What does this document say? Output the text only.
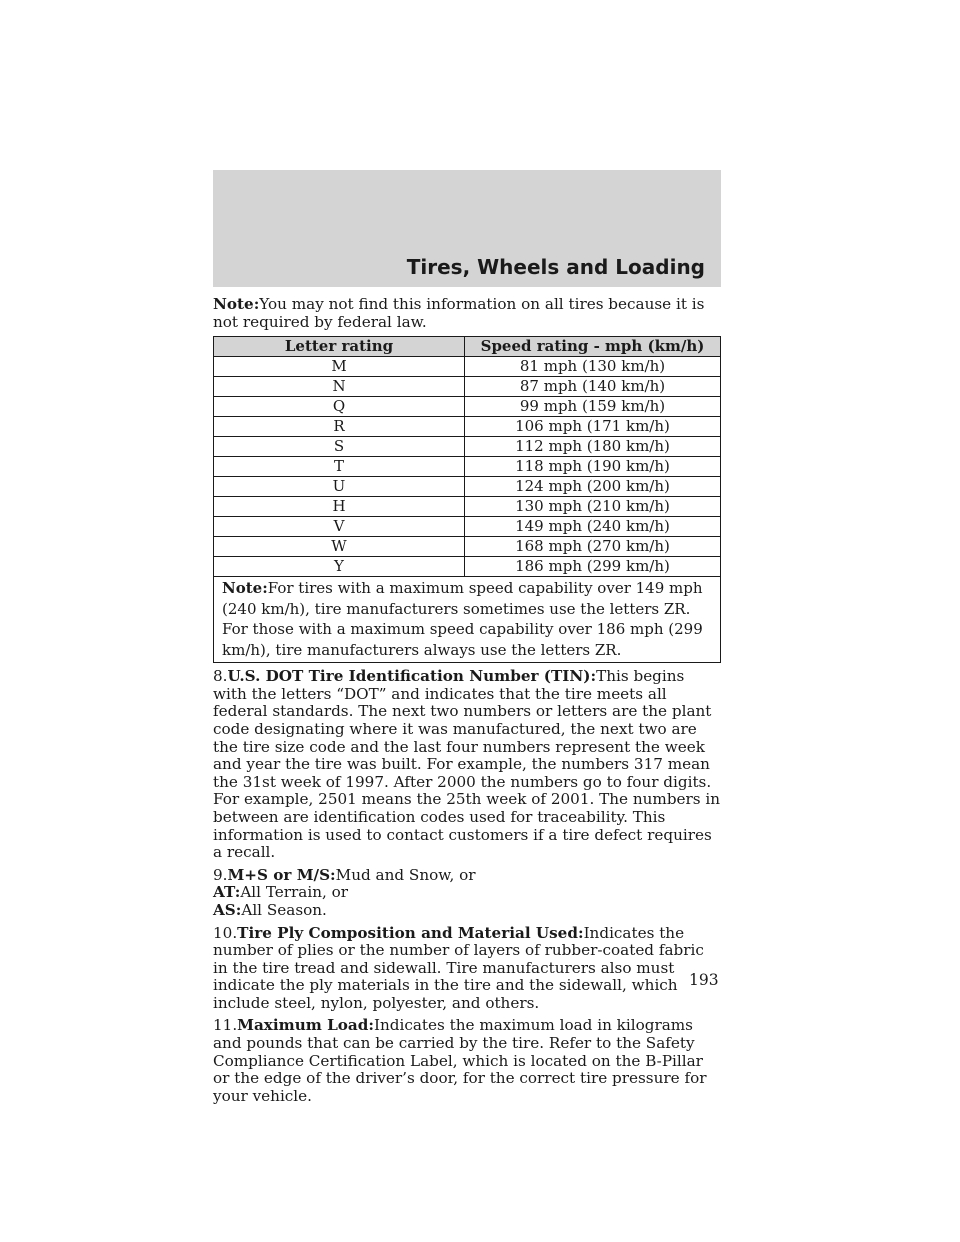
Tires, Wheels and Loading

Note:You may not find this information on all tires because it is not required by federal law.

Letter rating	Speed rating - mph (km/h)
M	81 mph (130 km/h)
N	87 mph (140 km/h)
Q	99 mph (159 km/h)
R	106 mph (171 km/h)
S	112 mph (180 km/h)
T	118 mph (190 km/h)
U	124 mph (200 km/h)
H	130 mph (210 km/h)
V	149 mph (240 km/h)
W	168 mph (270 km/h)
Y	186 mph (299 km/h)
Note:For tires with a maximum speed capability over 149 mph (240 km/h), tire manufacturers sometimes use the letters ZR. For those with a maximum speed capability over 186 mph (299 km/h), tire manufacturers always use the letters ZR.	

8.U.S. DOT Tire Identification Number (TIN):This begins with the letters “DOT” and indicates that the tire meets all federal standards. The next two numbers or letters are the plant code designating where it was manufactured, the next two are the tire size code and the last four numbers represent the week and year the tire was built. For example, the numbers 317 mean the 31st week of 1997. After 2000 the numbers go to four digits. For example, 2501 means the 25th week of 2001. The numbers in between are identification codes used for traceability. This information is used to contact customers if a tire defect requires a recall.

9.M+S or M/S:Mud and Snow, or
AT:All Terrain, or
AS:All Season.

10.Tire Ply Composition and Material Used:Indicates the number of plies or the number of layers of rubber-coated fabric in the tire tread and sidewall. Tire manufacturers also must indicate the ply materials in the tire and the sidewall, which include steel, nylon, polyester, and others.

11.Maximum Load:Indicates the maximum load in kilograms and pounds that can be carried by the tire. Refer to the Safety Compliance Certification Label, which is located on the B-Pillar or the edge of the driver’s door, for the correct tire pressure for your vehicle.

193
